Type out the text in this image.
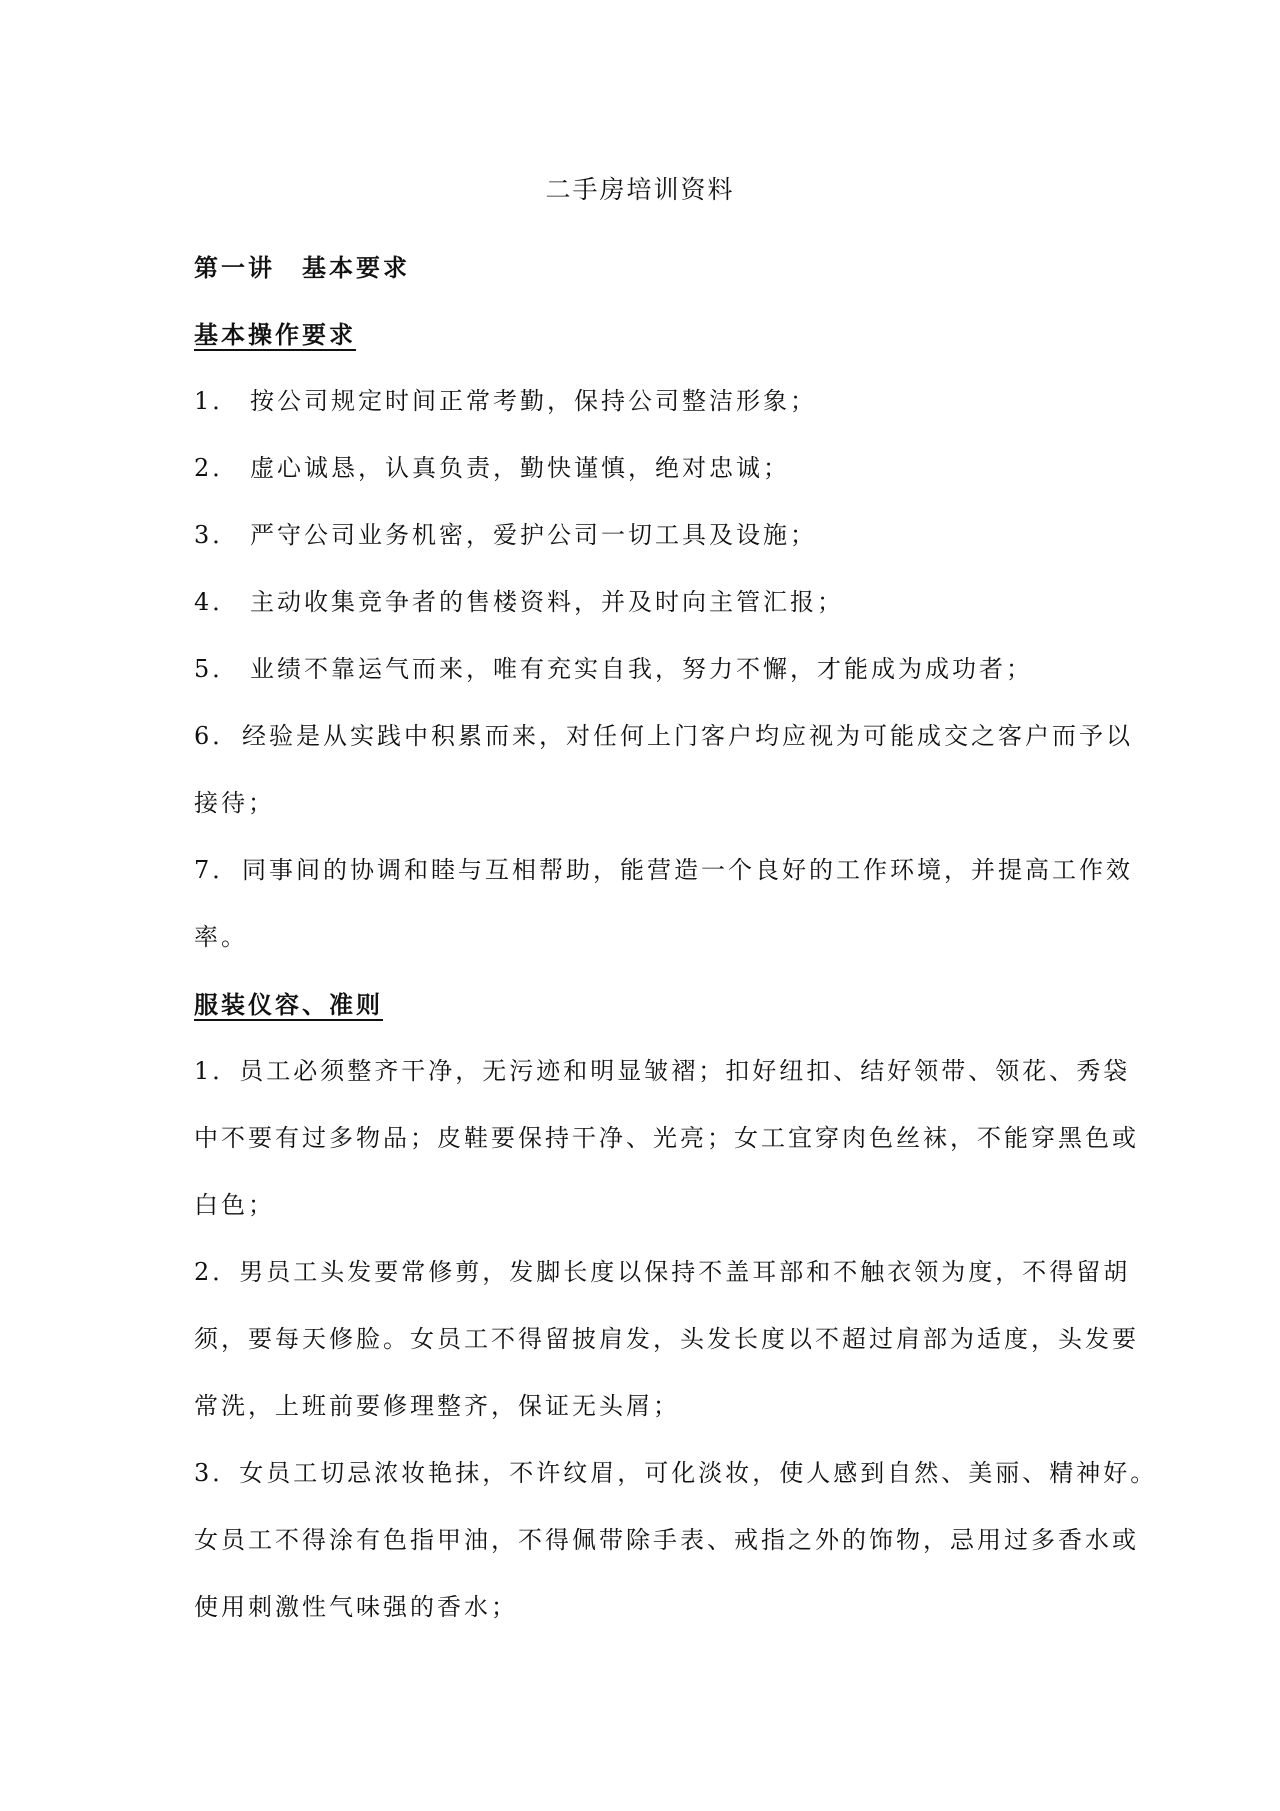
二手房培训资料
第一讲　基本要求
基本操作要求
1． 按公司规定时间正常考勤，保持公司整洁形象；
2． 虚心诚恳，认真负责，勤快谨慎，绝对忠诚；
3． 严守公司业务机密，爱护公司一切工具及设施；
4． 主动收集竞争者的售楼资料，并及时向主管汇报；
5． 业绩不靠运气而来，唯有充实自我，努力不懈，才能成为成功者；
6． 经验是从实践中积累而来，对任何上门客户均应视为可能成交之客户而予以
接待；
7． 同事间的协调和睦与互相帮助，能营造一个良好的工作环境，并提高工作效
率。
服装仪容、准则
1．员工必须整齐干净，无污迹和明显皱褶；扣好纽扣、结好领带、领花、秀袋
中不要有过多物品；皮鞋要保持干净、光亮；女工宜穿肉色丝袜，不能穿黑色或
白色；
2．男员工头发要常修剪，发脚长度以保持不盖耳部和不触衣领为度，不得留胡
须，要每天修脸。女员工不得留披肩发，头发长度以不超过肩部为适度，头发要
常洗，上班前要修理整齐，保证无头屑；
3．女员工切忌浓妆艳抹，不许纹眉，可化淡妆，使人感到自然、美丽、精神好。
女员工不得涂有色指甲油，不得佩带除手表、戒指之外的饰物，忌用过多香水或
使用刺激性气味强的香水；
